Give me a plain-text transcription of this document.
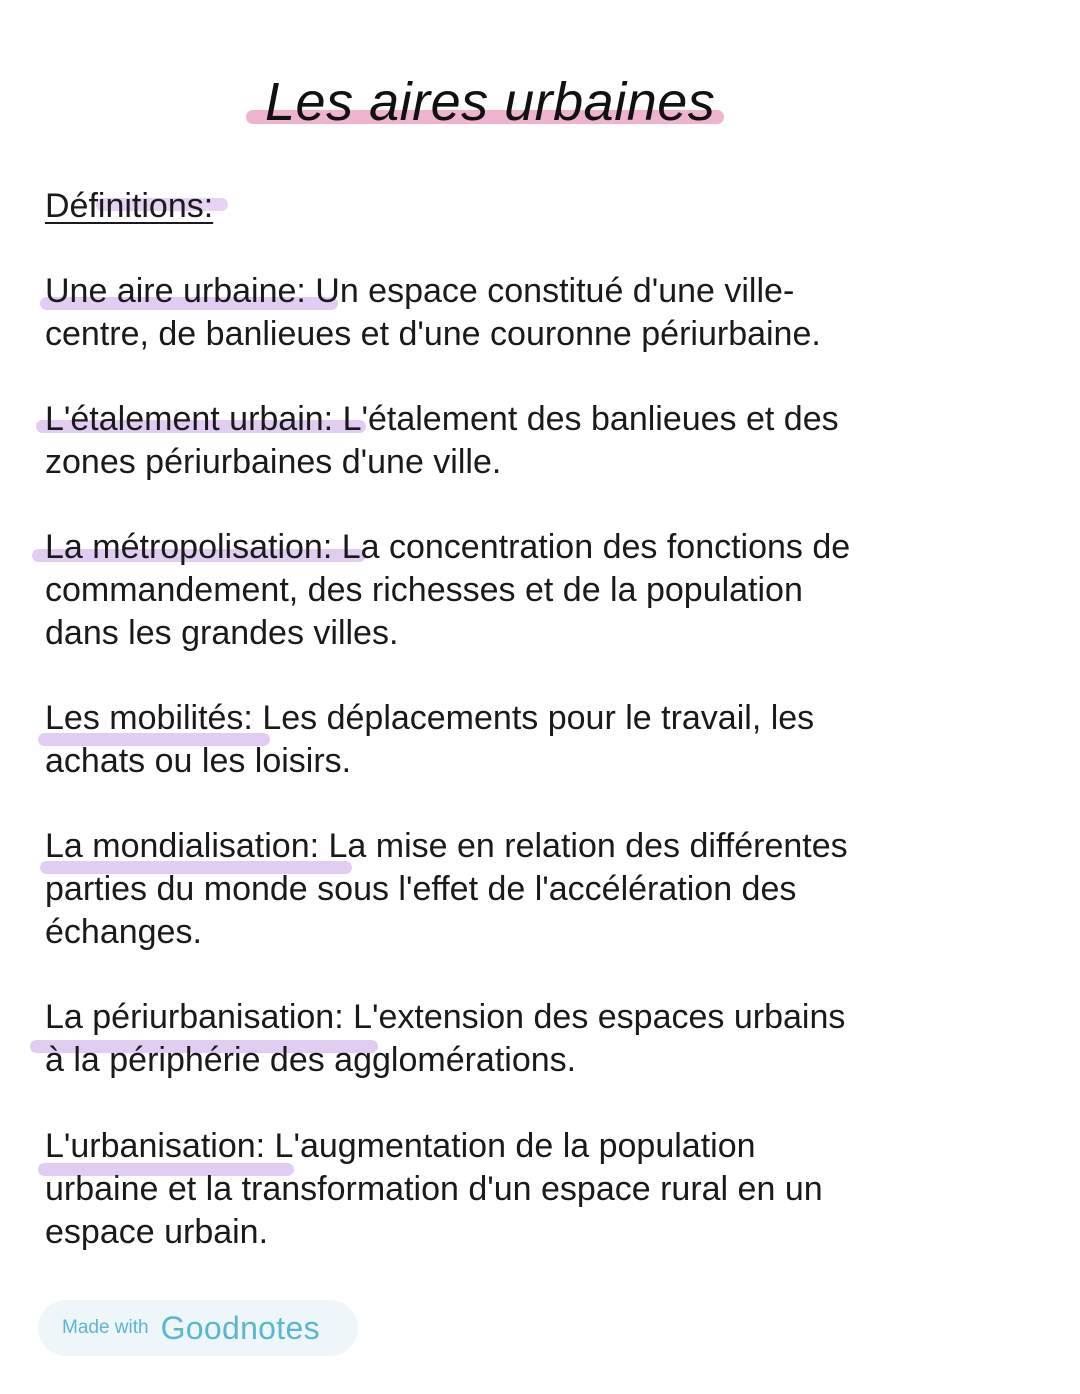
Les aires urbaines
Définitions:
Une aire urbaine: Un espace constitué d'une ville-
centre, de banlieues et d'une couronne périurbaine.
L'étalement urbain: L'étalement des banlieues et des
zones périurbaines d'une ville.
La métropolisation: La concentration des fonctions de
commandement, des richesses et de la population
dans les grandes villes.
Les mobilités: Les déplacements pour le travail, les
achats ou les loisirs.
La mondialisation: La mise en relation des différentes
parties du monde sous l'effet de l'accélération des
échanges.
La périurbanisation: L'extension des espaces urbains
à la périphérie des agglomérations.
L'urbanisation: L'augmentation de la population
urbaine et la transformation d'un espace rural en un
espace urbain.
Made with Goodnotes
